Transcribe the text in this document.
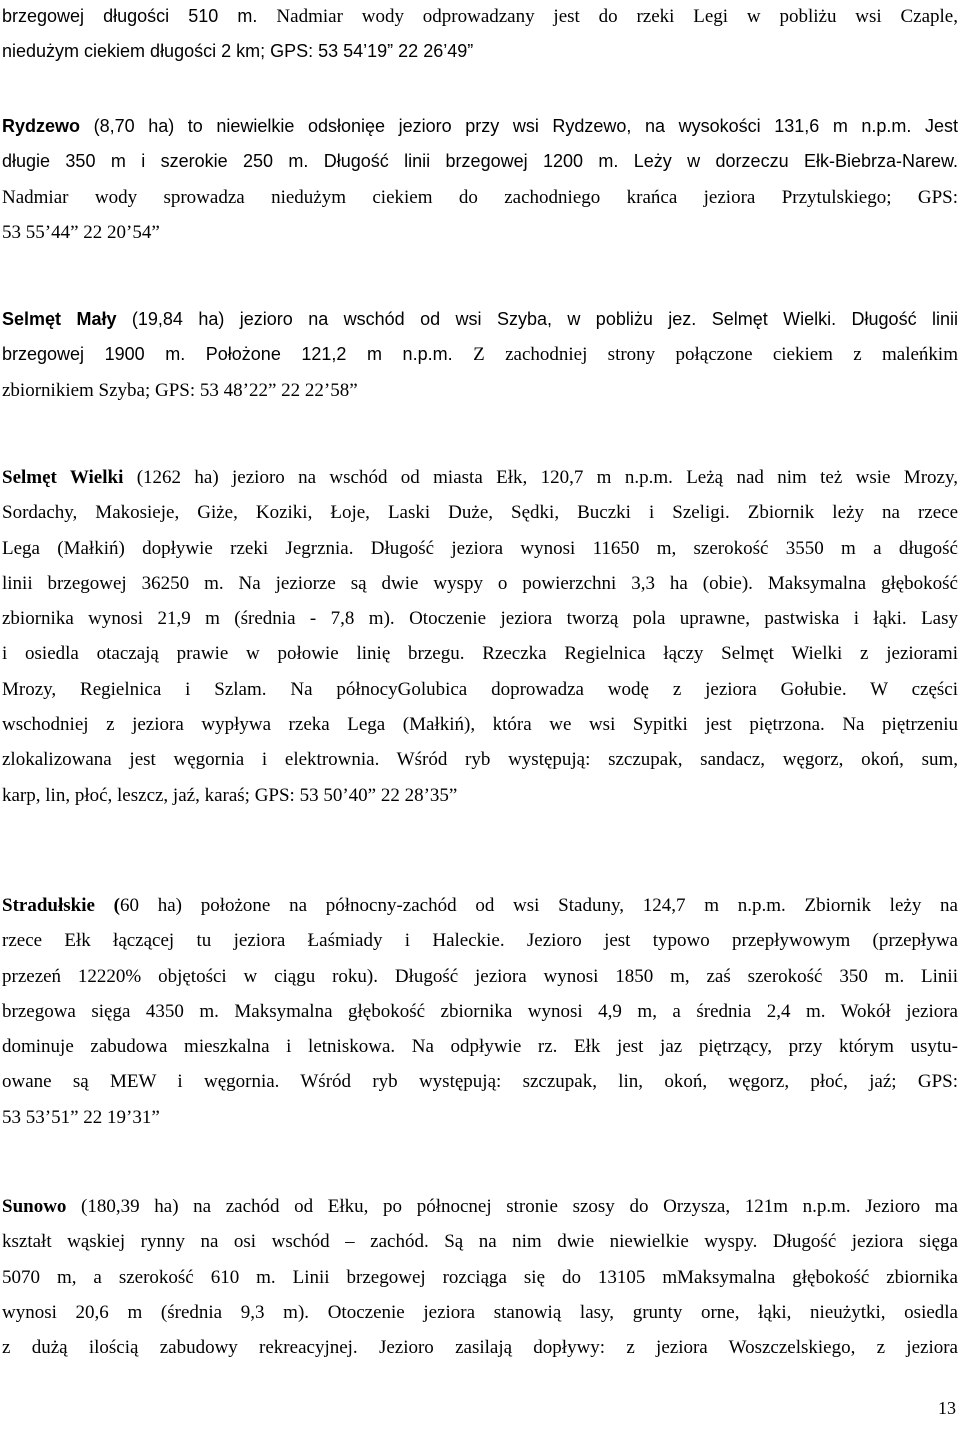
brzegowej długości 510 m. Nadmiar wody odprowadzany jest do rzeki Legi w pobliżu wsi Czaple,
niedużym ciekiem długości 2 km; GPS: 53 54’19” 22 26’49”
Rydzewo (8,70 ha) to niewielkie odsłonięe jezioro przy wsi Rydzewo, na wysokości 131,6 m n.p.m. Jest
długie 350 m i szerokie 250 m. Długość linii brzegowej 1200 m. Leży w dorzeczu Ełk-Biebrza-Narew.
Nadmiar wody sprowadza niedużym ciekiem do zachodniego krańca jeziora Przytulskiego; GPS:
53 55’44” 22 20’54”
Selmęt Mały (19,84 ha) jezioro na wschód od wsi Szyba, w pobliżu jez. Selmęt Wielki. Długość linii
brzegowej 1900 m. Położone 121,2 m n.p.m. Z zachodniej strony połączone ciekiem z maleńkim
zbiornikiem Szyba; GPS: 53 48’22” 22 22’58”
Selmęt Wielki (1262 ha) jezioro na wschód od miasta Ełk, 120,7 m n.p.m. Leżą nad nim też wsie Mrozy,
Sordachy, Makosieje, Giże, Koziki, Łoje, Laski Duże, Sędki, Buczki i Szeligi. Zbiornik leży na rzece
Lega (Małkiń) dopływie rzeki Jegrznia. Długość jeziora wynosi 11650 m, szerokość 3550 m a długość
linii brzegowej 36250 m. Na jeziorze są dwie wyspy o powierzchni 3,3 ha (obie). Maksymalna głębokość
zbiornika wynosi 21,9 m (średnia - 7,8 m). Otoczenie jeziora tworzą pola uprawne, pastwiska i łąki. Lasy
i osiedla otaczają prawie w połowie linię brzegu. Rzeczka Regielnica łączy Selmęt Wielki z jeziorami
Mrozy, Regielnica i Szlam. Na północyGolubica doprowadza wodę z jeziora Gołubie. W części
wschodniej z jeziora wypływa rzeka Lega (Małkiń), która we wsi Sypitki jest piętrzona. Na piętrzeniu
zlokalizowana jest węgornia i elektrownia. Wśród ryb występują: szczupak, sandacz, węgorz, okoń, sum,
karp, lin, płoć, leszcz, jaź, karaś; GPS: 53 50’40” 22 28’35”
Stradułskie (60 ha) położone na północny-zachód od wsi Staduny, 124,7 m n.p.m. Zbiornik leży na
rzece Ełk łączącej tu jeziora Łaśmiady i Haleckie. Jezioro jest typowo przepływowym (przepływa
przezeń 12220% objętości w ciągu roku). Długość jeziora wynosi 1850 m, zaś szerokość 350 m. Linii
brzegowa sięga 4350 m. Maksymalna głębokość zbiornika wynosi 4,9 m, a średnia 2,4 m. Wokół jeziora
dominuje zabudowa mieszkalna i letniskowa. Na odpływie rz. Ełk jest jaz piętrzący, przy którym usytu-
owane są MEW i węgornia. Wśród ryb występują: szczupak, lin, okoń, węgorz, płoć, jaź; GPS:
53 53’51” 22 19’31”
Sunowo (180,39 ha) na zachód od Ełku, po północnej stronie szosy do Orzysza, 121m n.p.m. Jezioro ma
kształt wąskiej rynny na osi wschód – zachód. Są na nim dwie niewielkie wyspy. Długość jeziora sięga
5070 m, a szerokość 610 m. Linii brzegowej rozciąga się do 13105 mMaksymalna głębokość zbiornika
wynosi 20,6 m (średnia 9,3 m). Otoczenie jeziora stanowią lasy, grunty orne, łąki, nieużytki, osiedla
z dużą ilością zabudowy rekreacyjnej. Jezioro zasilają dopływy: z jeziora Woszczelskiego, z jeziora
13
